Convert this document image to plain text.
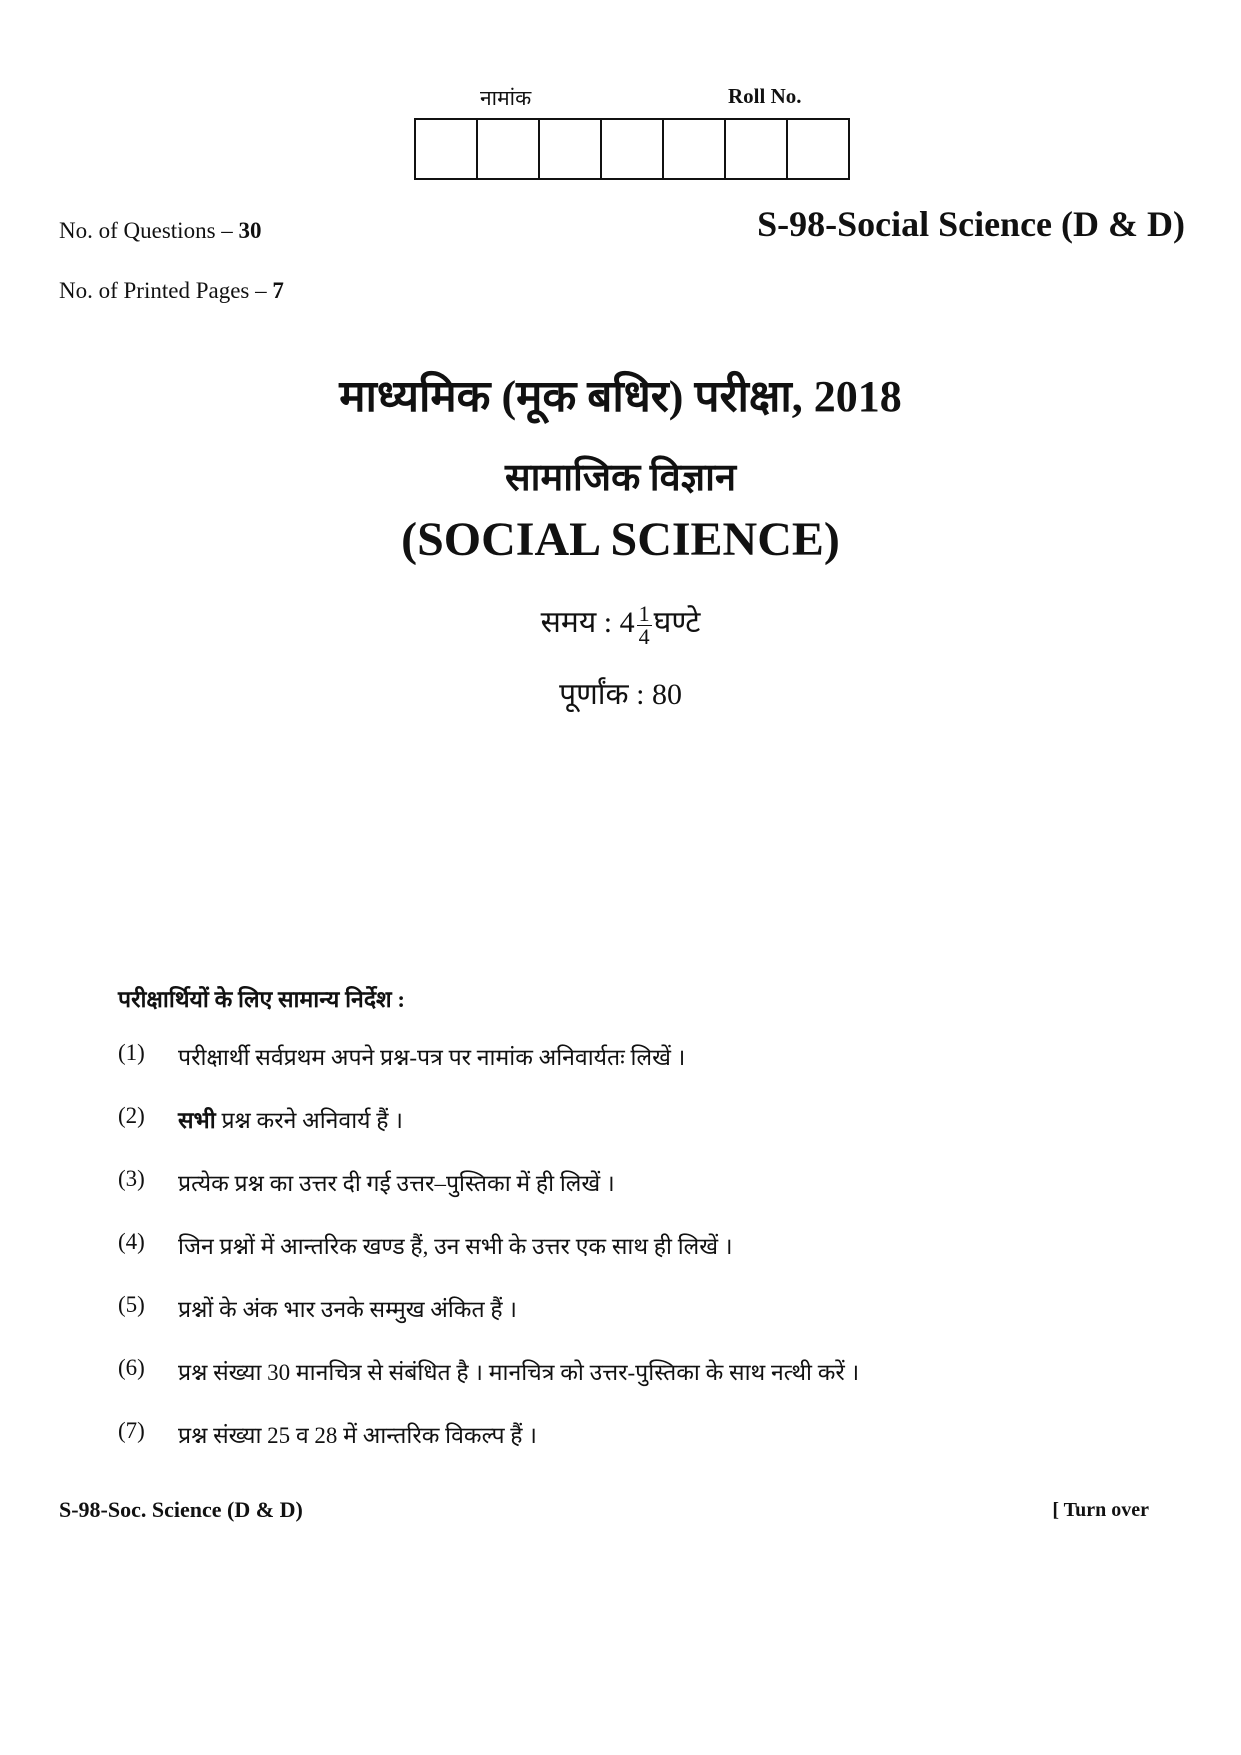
नामांक	Roll No.
No. of Questions – 30	S-98-Social Science (D & D)
No. of Printed Pages – 7
माध्यमिक (मूक बधिर) परीक्षा, 2018
सामाजिक विज्ञान
(SOCIAL SCIENCE)
समय : $4 \frac{1}{4}$ घण्टे
पूर्णांक : 80
परीक्षार्थियों के लिए सामान्य निर्देश :
(1)	परीक्षार्थी सर्वप्रथम अपने प्रश्न-पत्र पर नामांक अनिवार्यतः लिखें ।
(2)	सभी प्रश्न करने अनिवार्य हैं ।
(3)	प्रत्येक प्रश्न का उत्तर दी गई उत्तर–पुस्तिका में ही लिखें ।
(4)	जिन प्रश्नों में आन्तरिक खण्ड हैं, उन सभी के उत्तर एक साथ ही लिखें ।
(5)	प्रश्नों के अंक भार उनके सम्मुख अंकित हैं ।
(6)	प्रश्न संख्या 30 मानचित्र से संबंधित है । मानचित्र को उत्तर-पुस्तिका के साथ नत्थी करें ।
(7)	प्रश्न संख्या 25 व 28 में आन्तरिक विकल्प हैं ।
S-98-Soc. Science (D & D)	[ Turn over
